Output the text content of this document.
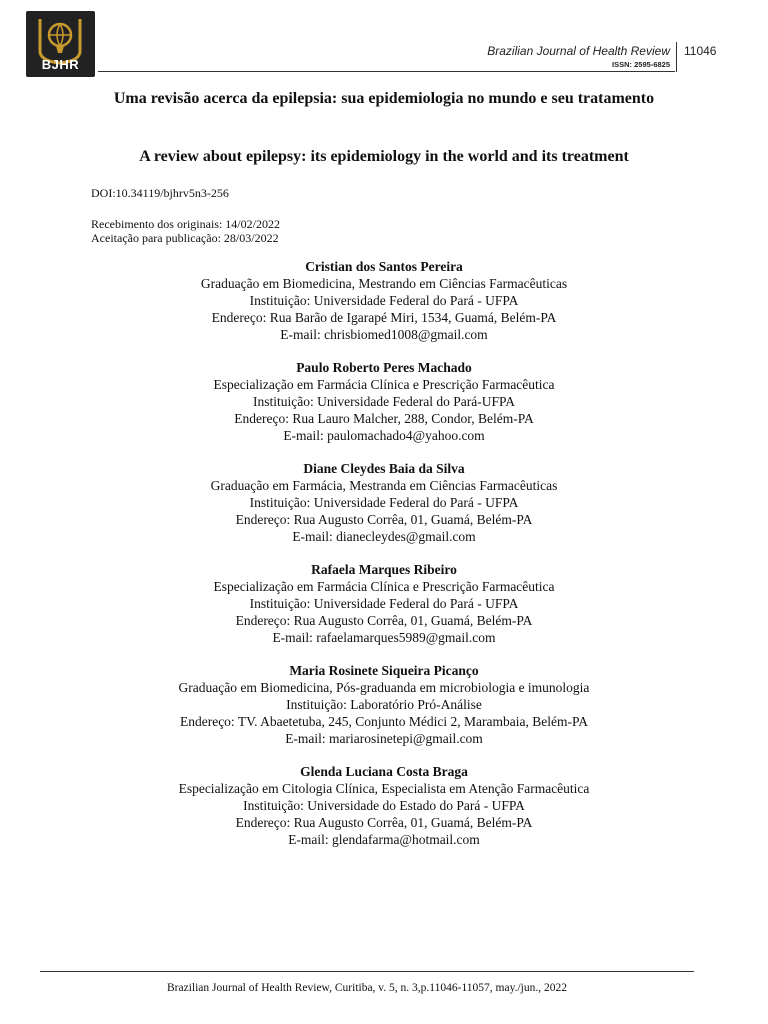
BJHR
Brazilian Journal of Health Review
ISSN: 2595-6825
11046
Uma revisão acerca da epilepsia: sua epidemiologia no mundo e seu tratamento
A review about epilepsy: its epidemiology in the world and its treatment
DOI:10.34119/bjhrv5n3-256
Recebimento dos originais: 14/02/2022
Aceitação para publicação: 28/03/2022
Cristian dos Santos Pereira
Graduação em Biomedicina, Mestrando em Ciências Farmacêuticas
Instituição: Universidade Federal do Pará - UFPA
Endereço: Rua Barão de Igarapé Miri, 1534, Guamá, Belém-PA
E-mail: chrisbiomed1008@gmail.com
Paulo Roberto Peres Machado
Especialização em Farmácia Clínica e Prescrição Farmacêutica
Instituição: Universidade Federal do Pará-UFPA
Endereço: Rua Lauro Malcher, 288, Condor, Belém-PA
E-mail: paulomachado4@yahoo.com
Diane Cleydes Baia da Silva
Graduação em Farmácia, Mestranda em Ciências Farmacêuticas
Instituição: Universidade Federal do Pará - UFPA
Endereço: Rua Augusto Corrêa, 01, Guamá, Belém-PA
E-mail: dianecleydes@gmail.com
Rafaela Marques Ribeiro
Especialização em Farmácia Clínica e Prescrição Farmacêutica
Instituição: Universidade Federal do Pará - UFPA
Endereço: Rua Augusto Corrêa, 01, Guamá, Belém-PA
E-mail: rafaelamarques5989@gmail.com
Maria Rosinete Siqueira Picanço
Graduação em Biomedicina, Pós-graduanda em microbiologia e imunologia
Instituição: Laboratório Pró-Análise
Endereço: TV. Abaetetuba, 245, Conjunto Médici 2, Marambaia, Belém-PA
E-mail: mariarosinetepi@gmail.com
Glenda Luciana Costa Braga
Especialização em Citologia Clínica, Especialista em Atenção Farmacêutica
Instituição: Universidade do Estado do Pará - UFPA
Endereço: Rua Augusto Corrêa, 01, Guamá, Belém-PA
E-mail: glendafarma@hotmail.com
Brazilian Journal of Health Review, Curitiba, v. 5, n. 3,p.11046-11057, may./jun., 2022
